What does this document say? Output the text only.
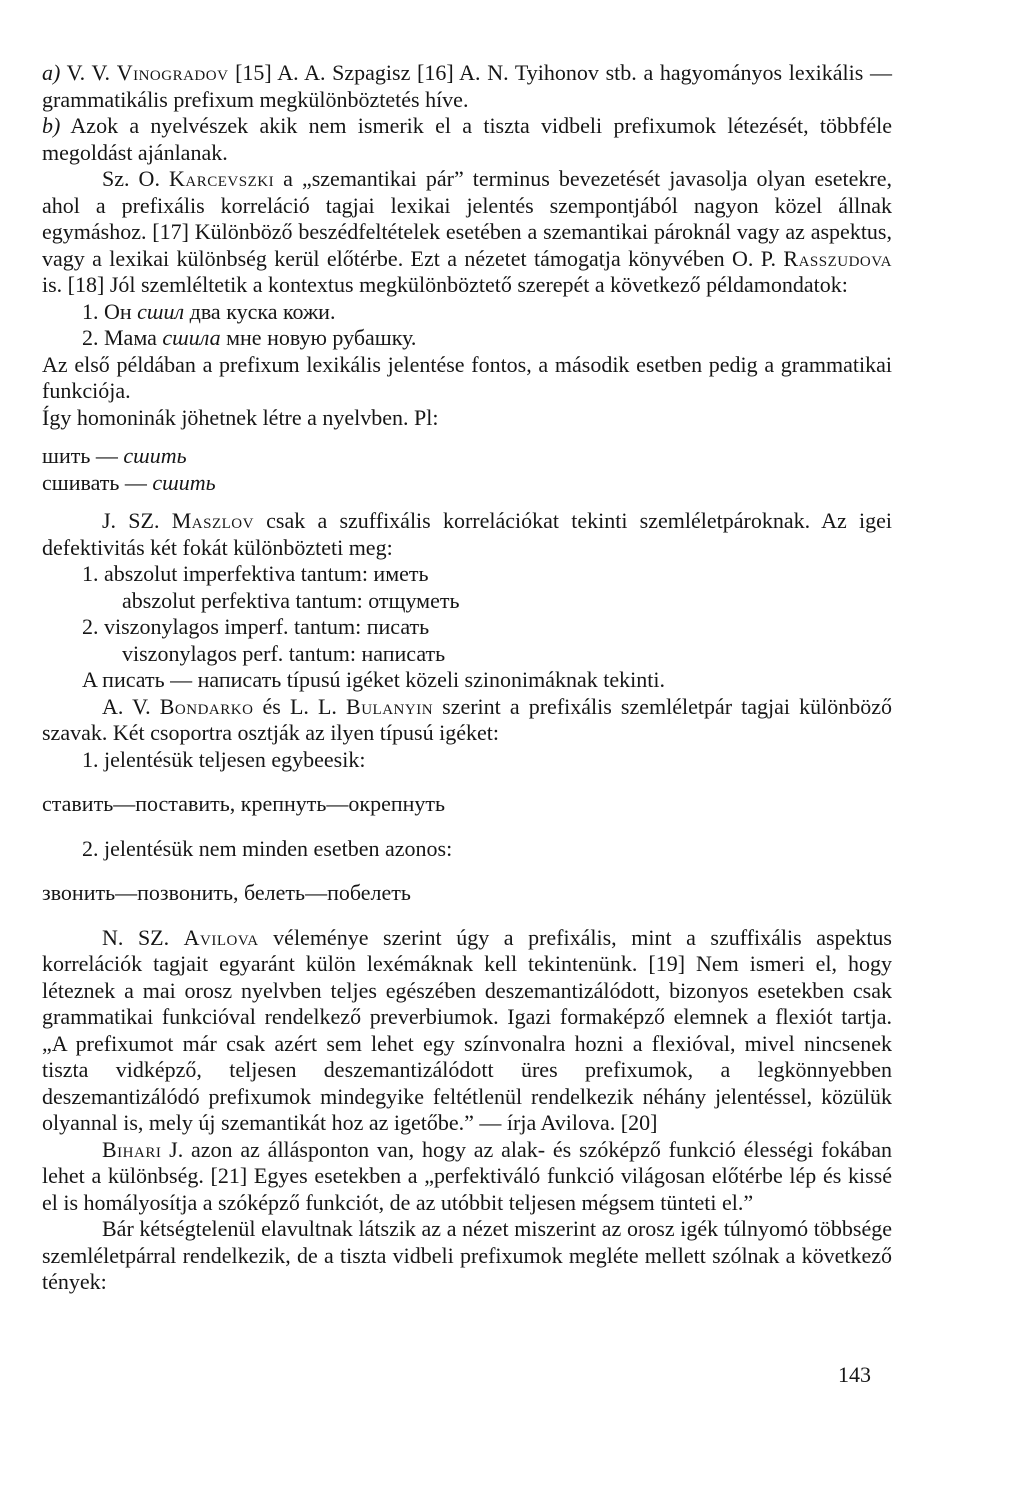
a) V. V. Vinogradov [15] A. A. Szpagisz [16] A. N. Tyihonov stb. a hagyományos lexikális — grammatikális prefixum megkülönböztetés híve.

b) Azok a nyelvészek akik nem ismerik el a tiszta vidbeli prefixumok létezését, többféle megoldást ajánlanak.

Sz. O. Karcevszki a „szemantikai pár” terminus bevezetését javasolja olyan esetekre, ahol a prefixális korreláció tagjai lexikai jelentés szempontjából nagyon közel állnak egymáshoz. [17] Különböző beszédfeltételek esetében a szemantikai pároknál vagy az aspektus, vagy a lexikai különbség kerül előtérbe. Ezt a nézetet támogatja könyvében O. P. Rasszudova is. [18] Jól szemléltetik a kontextus megkülönböztető szerepét a következő példamondatok:

1. Он сшил два куска кожи.

2. Мама сшила мне новую рубашку.

Az első példában a prefixum lexikális jelentése fontos, a második esetben pedig a grammatikai funkciója.

Így homoninák jöhetnek létre a nyelvben. Pl:

шить — сшить

сшивать — сшить

J. SZ. Maszlov csak a szuffixális korrelációkat tekinti szemléletpároknak. Az igei defektivitás két fokát különbözteti meg:

1. abszolut imperfektiva tantum: иметь

abszolut perfektiva tantum: отщуметь

2. viszonylagos imperf. tantum: писать

viszonylagos perf. tantum: написать

A писать — написать típusú igéket közeli szinonimáknak tekinti.

A. V. Bondarko és L. L. Bulanyin szerint a prefixális szemléletpár tagjai különböző szavak. Két csoportra osztják az ilyen típusú igéket:

1. jelentésük teljesen egybeesik:

ставить—поставить, крепнуть—окрепнуть

2. jelentésük nem minden esetben azonos:

звонить—позвонить, белеть—побелеть

N. SZ. Avilova véleménye szerint úgy a prefixális, mint a szuffixális aspektus korrelációk tagjait egyaránt külön lexémáknak kell tekintenünk. [19] Nem ismeri el, hogy léteznek a mai orosz nyelvben teljes egészében deszemantizálódott, bizonyos esetekben csak grammatikai funkcióval rendelkező preverbiumok. Igazi formaképző elemnek a flexiót tartja. „A prefixumot már csak azért sem lehet egy színvonalra hozni a flexióval, mivel nincsenek tiszta vidképző, teljesen deszemantizálódott üres prefixumok, a legkönnyebben deszemantizálódó prefixumok mindegyike feltétlenül rendelkezik néhány jelentéssel, közülük olyannal is, mely új szemantikát hoz az igetőbe.” — írja Avilova. [20]

Bihari J. azon az állásponton van, hogy az alak- és szóképző funkció élességi fokában lehet a különbség. [21] Egyes esetekben a „perfektiváló funkció világosan előtérbe lép és kissé el is homályosítja a szóképző funkciót, de az utóbbit teljesen mégsem tünteti el.”

Bár kétségtelenül elavultnak látszik az a nézet miszerint az orosz igék túlnyomó többsége szemléletpárral rendelkezik, de a tiszta vidbeli prefixumok megléte mellett szólnak a következő tények:

143
